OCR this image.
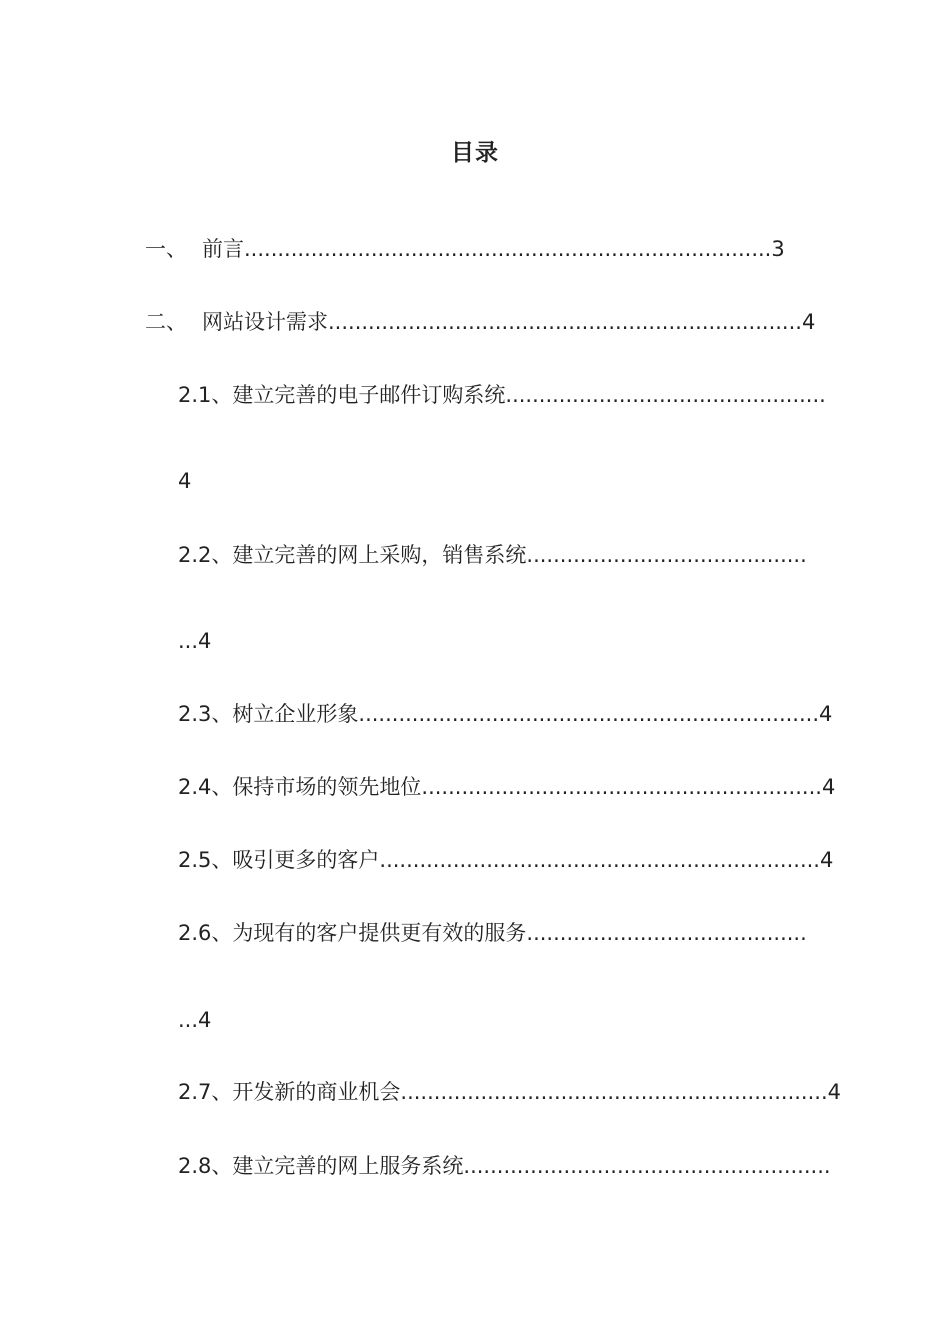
目录
一、 前言...............................................................................3
二、 网站设计需求.......................................................................4
2.1、建立完善的电子邮件订购系统................................................
4
2.2、建立完善的网上采购，销售系统..........................................
...4
2.3、树立企业形象.....................................................................4
2.4、保持市场的领先地位............................................................4
2.5、吸引更多的客户..................................................................4
2.6、为现有的客户提供更有效的服务..........................................
...4
2.7、开发新的商业机会................................................................4
2.8、建立完善的网上服务系统.......................................................
